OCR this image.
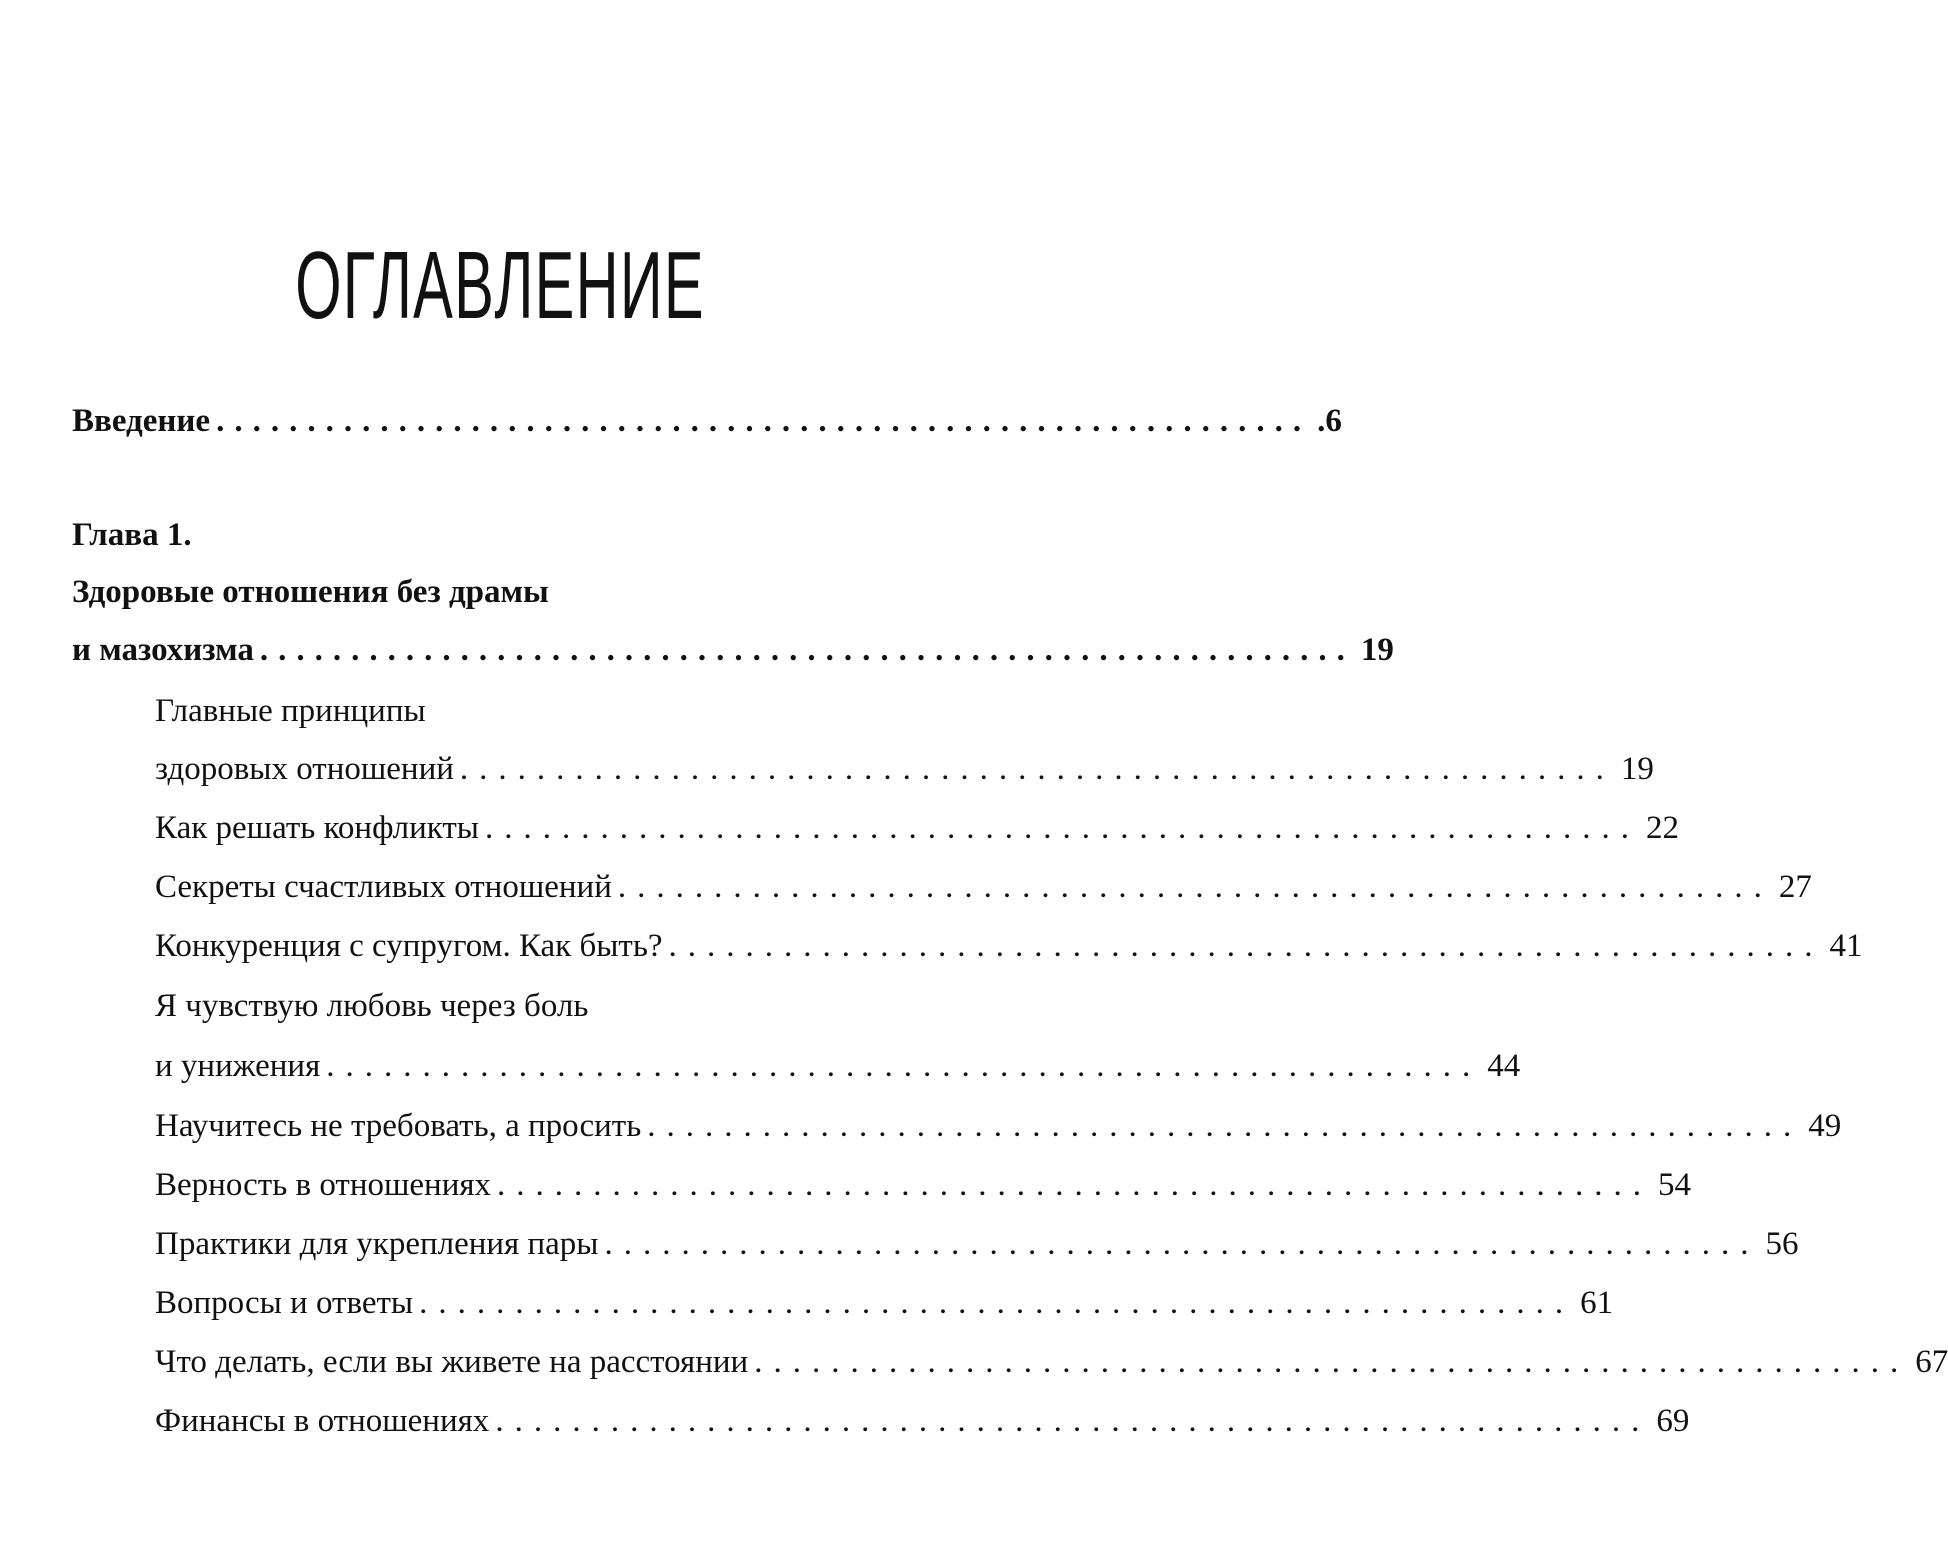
ОГЛАВЛЕНИЕ
Введение ............................................................ .6
Глава 1.
Здоровые отношения без драмы
и мазохизма ............................................................ 19
Главные принципы
здоровых отношений ............................................................ 19
Как решать конфликты ............................................................ 22
Секреты счастливых отношений ............................................................ 27
Конкуренция с супругом. Как быть? ............................................................ 41
Я чувствую любовь через боль
и унижения ............................................................ 44
Научитесь не требовать, а просить ............................................................ 49
Верность в отношениях ............................................................ 54
Практики для укрепления пары ............................................................ 56
Вопросы и ответы ............................................................ 61
Что делать, если вы живете на расстоянии ............................................................ 67
Финансы в отношениях ............................................................ 69
